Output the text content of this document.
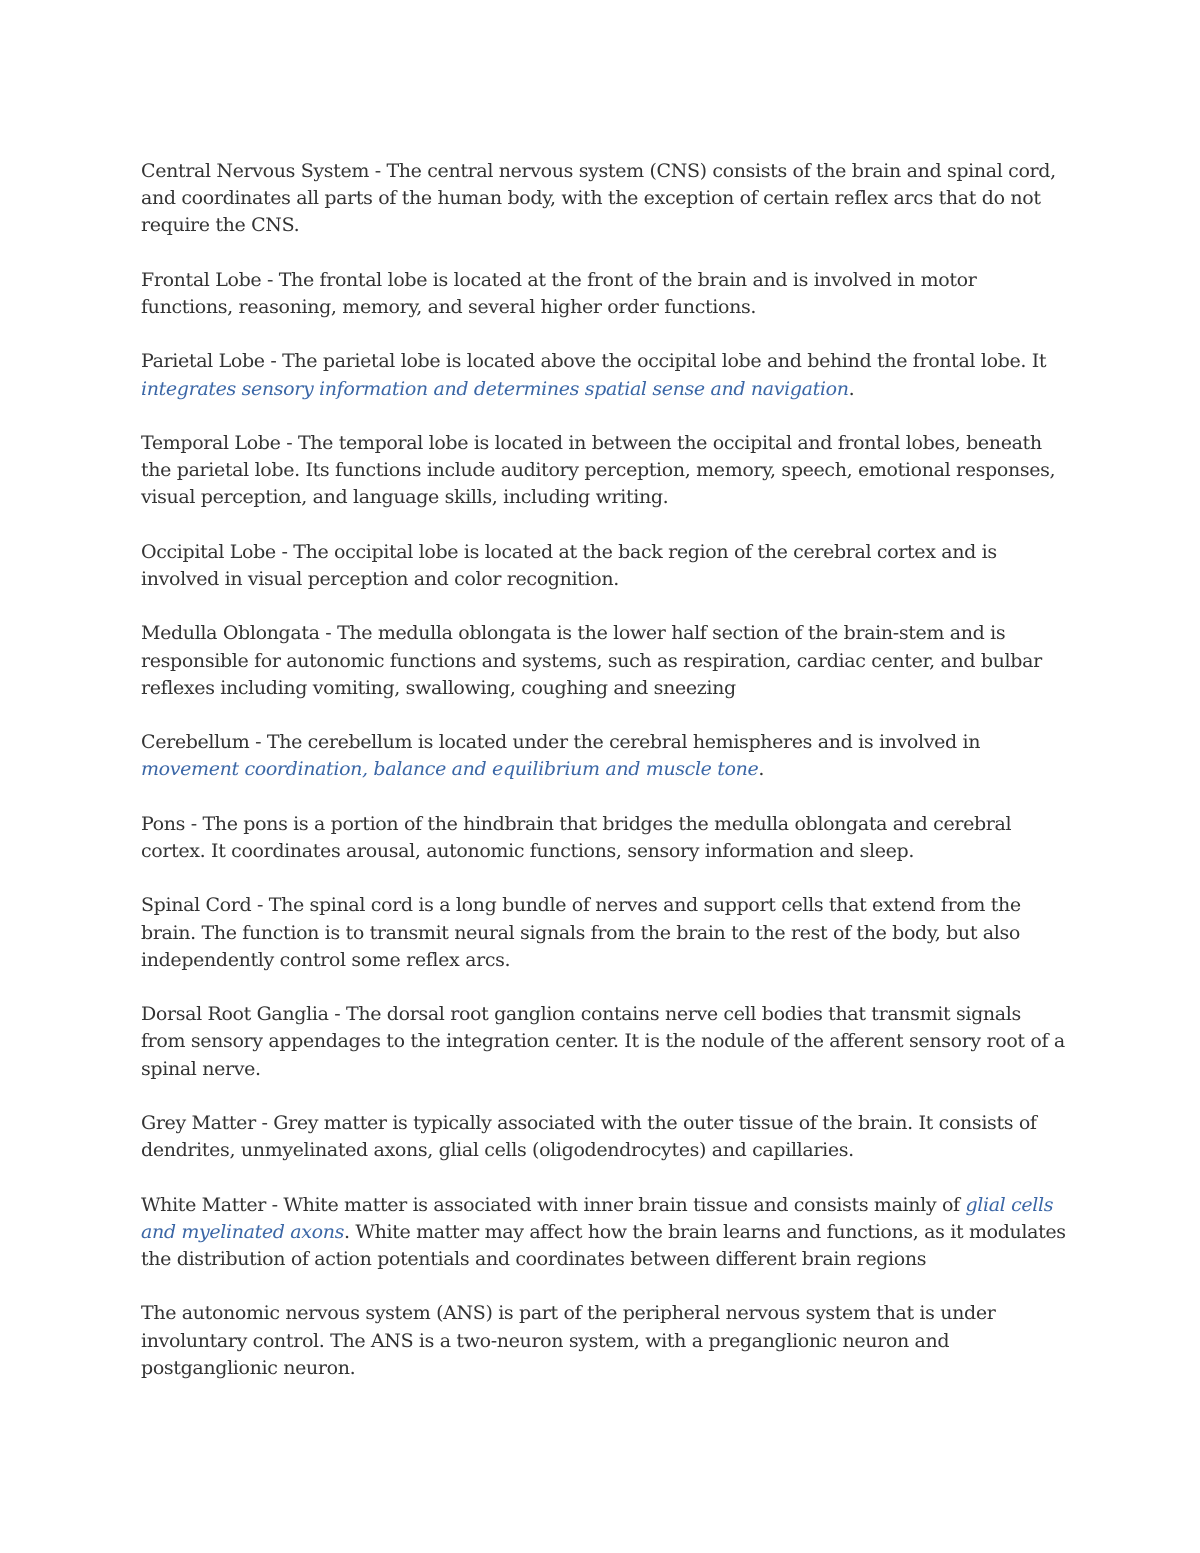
Central Nervous System - The central nervous system (CNS) consists of the brain and spinal cord, and coordinates all parts of the human body, with the exception of certain reflex arcs that do not require the CNS.

Frontal Lobe - The frontal lobe is located at the front of the brain and is involved in motor functions, reasoning, memory, and several higher order functions.

Parietal Lobe - The parietal lobe is located above the occipital lobe and behind the frontal lobe. It integrates sensory information and determines spatial sense and navigation.

Temporal Lobe - The temporal lobe is located in between the occipital and frontal lobes, beneath the parietal lobe. Its functions include auditory perception, memory, speech, emotional responses, visual perception, and language skills, including writing.

Occipital Lobe - The occipital lobe is located at the back region of the cerebral cortex and is involved in visual perception and color recognition.

Medulla Oblongata - The medulla oblongata is the lower half section of the brain-stem and is responsible for autonomic functions and systems, such as respiration, cardiac center, and bulbar reflexes including vomiting, swallowing, coughing and sneezing

Cerebellum - The cerebellum is located under the cerebral hemispheres and is involved in movement coordination, balance and equilibrium and muscle tone.

Pons - The pons is a portion of the hindbrain that bridges the medulla oblongata and cerebral cortex. It coordinates arousal, autonomic functions, sensory information and sleep.

Spinal Cord - The spinal cord is a long bundle of nerves and support cells that extend from the brain. The function is to transmit neural signals from the brain to the rest of the body, but also independently control some reflex arcs.

Dorsal Root Ganglia - The dorsal root ganglion contains nerve cell bodies that transmit signals from sensory appendages to the integration center. It is the nodule of the afferent sensory root of a spinal nerve.

Grey Matter - Grey matter is typically associated with the outer tissue of the brain. It consists of dendrites, unmyelinated axons, glial cells (oligodendrocytes) and capillaries.

White Matter - White matter is associated with inner brain tissue and consists mainly of glial cells and myelinated axons. White matter may affect how the brain learns and functions, as it modulates the distribution of action potentials and coordinates between different brain regions

The autonomic nervous system (ANS) is part of the peripheral nervous system that is under involuntary control. The ANS is a two-neuron system, with a preganglionic neuron and postganglionic neuron.
